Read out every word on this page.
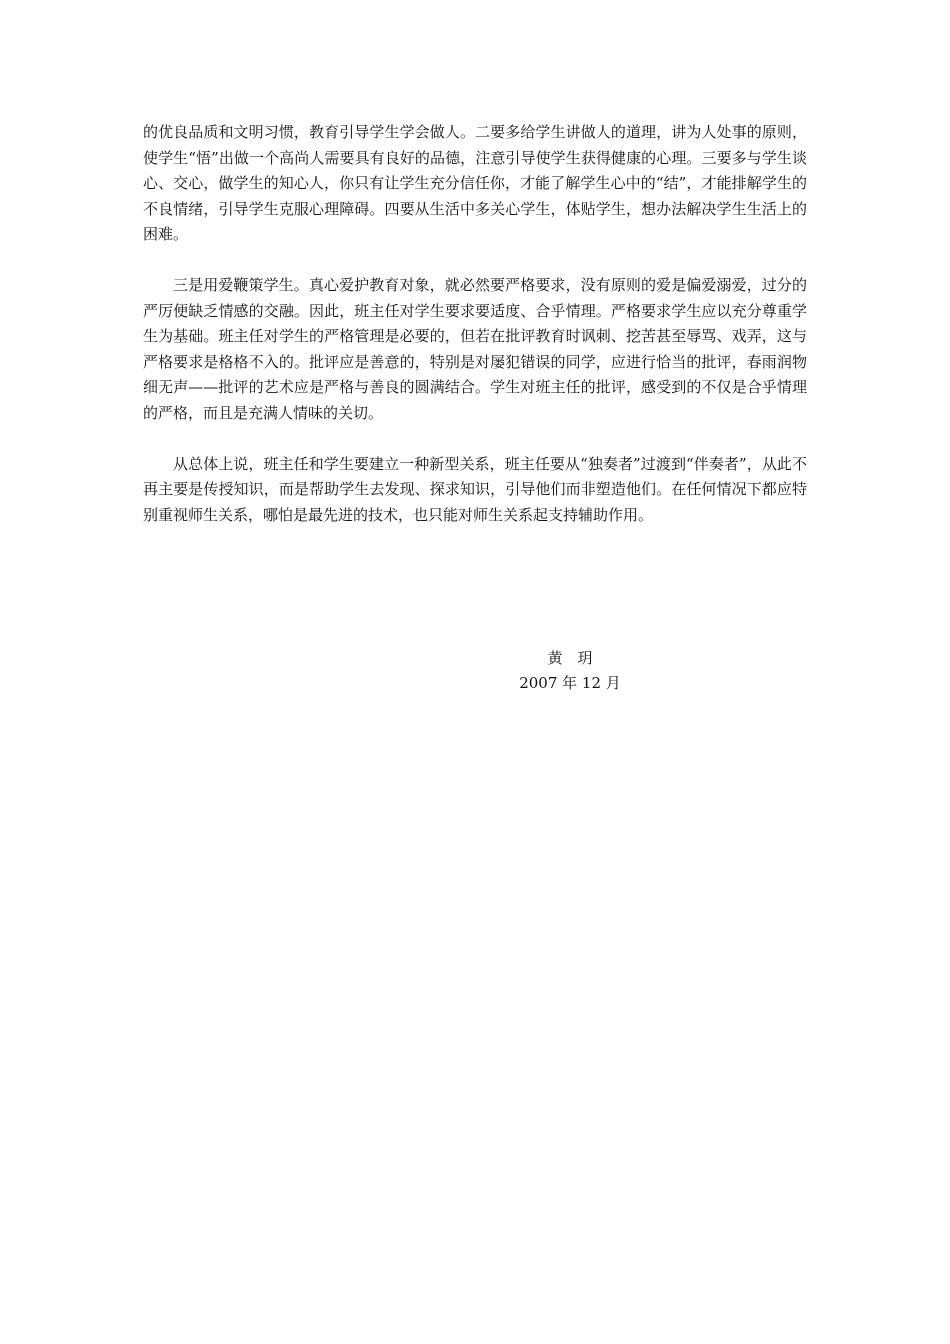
的优良品质和文明习惯，教育引导学生学会做人。二要多给学生讲做人的道理，讲为人处事的原则，使学生“悟”出做一个高尚人需要具有良好的品德，注意引导使学生获得健康的心理。三要多与学生谈心、交心，做学生的知心人，你只有让学生充分信任你，才能了解学生心中的“结”，才能排解学生的不良情绪，引导学生克服心理障碍。四要从生活中多关心学生，体贴学生，想办法解决学生生活上的困难。

三是用爱鞭策学生。真心爱护教育对象，就必然要严格要求，没有原则的爱是偏爱溺爱，过分的严厉便缺乏情感的交融。因此，班主任对学生要求要适度、合乎情理。严格要求学生应以充分尊重学生为基础。班主任对学生的严格管理是必要的，但若在批评教育时讽刺、挖苦甚至辱骂、戏弄，这与严格要求是格格不入的。批评应是善意的，特别是对屡犯错误的同学，应进行恰当的批评，春雨润物细无声——批评的艺术应是严格与善良的圆满结合。学生对班主任的批评，感受到的不仅是合乎情理的严格，而且是充满人情味的关切。

从总体上说，班主任和学生要建立一种新型关系，班主任要从“独奏者”过渡到“伴奏者”，从此不再主要是传授知识，而是帮助学生去发现、探求知识，引导他们而非塑造他们。在任何情况下都应特别重视师生关系，哪怕是最先进的技术，也只能对师生关系起支持辅助作用。

黄　玥
2007 年 12 月
